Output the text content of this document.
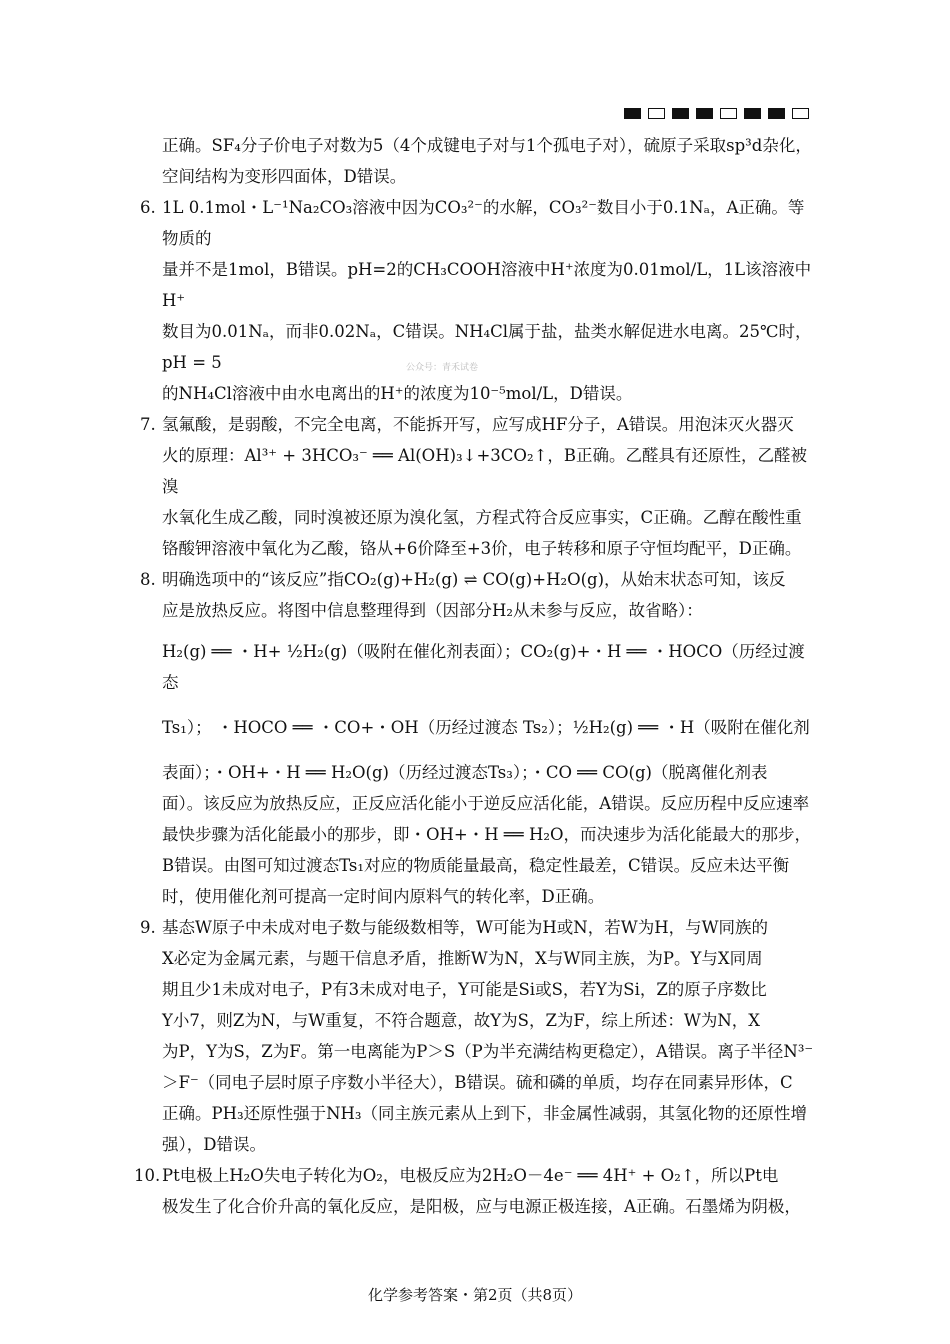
正确。SF₄分子价电子对数为5（4个成键电子对与1个孤电子对），硫原子采取sp³d杂化，

空间结构为变形四面体，D错误。

6. 1L 0.1mol・L⁻¹Na₂CO₃溶液中因为CO₃²⁻的水解，CO₃²⁻数目小于0.1Nₐ，A正确。等物质的

量并不是1mol，B错误。pH=2的CH₃COOH溶液中H⁺浓度为0.01mol/L，1L该溶液中H⁺

数目为0.01Nₐ，而非0.02Nₐ，C错误。NH₄Cl属于盐，盐类水解促进水电离。25℃时，pH = 5

的NH₄Cl溶液中由水电离出的H⁺的浓度为10⁻⁵mol/L，D错误。

7. 氢氟酸，是弱酸，不完全电离，不能拆开写，应写成HF分子，A错误。用泡沫灭火器灭

火的原理：Al³⁺ + 3HCO₃⁻ ══ Al(OH)₃↓+3CO₂↑，B正确。乙醛具有还原性，乙醛被溴

水氧化生成乙酸，同时溴被还原为溴化氢，方程式符合反应事实，C正确。乙醇在酸性重

铬酸钾溶液中氧化为乙酸，铬从+6价降至+3价，电子转移和原子守恒均配平，D正确。

8. 明确选项中的“该反应”指CO₂(g)+H₂(g) ⇌ CO(g)+H₂O(g)，从始末状态可知，该反

应是放热反应。将图中信息整理得到（因部分H₂从未参与反应，故省略）：

H₂(g) ══ ・H+ ½H₂(g)（吸附在催化剂表面）；CO₂(g)+・H ══ ・HOCO（历经过渡态

Ts₁）； ・HOCO ══ ・CO+・OH（历经过渡态 Ts₂）；½H₂(g) ══ ・H（吸附在催化剂

表面）；・OH+・H ══ H₂O(g)（历经过渡态Ts₃）；・CO ══ CO(g)（脱离催化剂表

面）。该反应为放热反应，正反应活化能小于逆反应活化能，A错误。反应历程中反应速率

最快步骤为活化能最小的那步，即・OH+・H ══ H₂O，而决速步为活化能最大的那步，

B错误。由图可知过渡态Ts₁对应的物质能量最高，稳定性最差，C错误。反应未达平衡

时，使用催化剂可提高一定时间内原料气的转化率，D正确。

9. 基态W原子中未成对电子数与能级数相等，W可能为H或N，若W为H，与W同族的

X必定为金属元素，与题干信息矛盾，推断W为N，X与W同主族，为P。Y与X同周

期且少1未成对电子，P有3未成对电子，Y可能是Si或S，若Y为Si，Z的原子序数比

Y小7，则Z为N，与W重复，不符合题意，故Y为S，Z为F，综上所述：W为N，X

为P，Y为S，Z为F。第一电离能为P＞S（P为半充满结构更稳定），A错误。离子半径N³⁻

＞F⁻（同电子层时原子序数小半径大），B错误。硫和磷的单质，均存在同素异形体，C

正确。PH₃还原性强于NH₃（同主族元素从上到下，非金属性减弱，其氢化物的还原性增

强），D错误。

10. Pt电极上H₂O失电子转化为O₂，电极反应为2H₂O－4e⁻ ══ 4H⁺ + O₂↑，所以Pt电

极发生了化合价升高的氧化反应，是阳极，应与电源正极连接，A正确。石墨烯为阴极，

公众号：青禾试卷
化学参考答案・第2页（共8页）
